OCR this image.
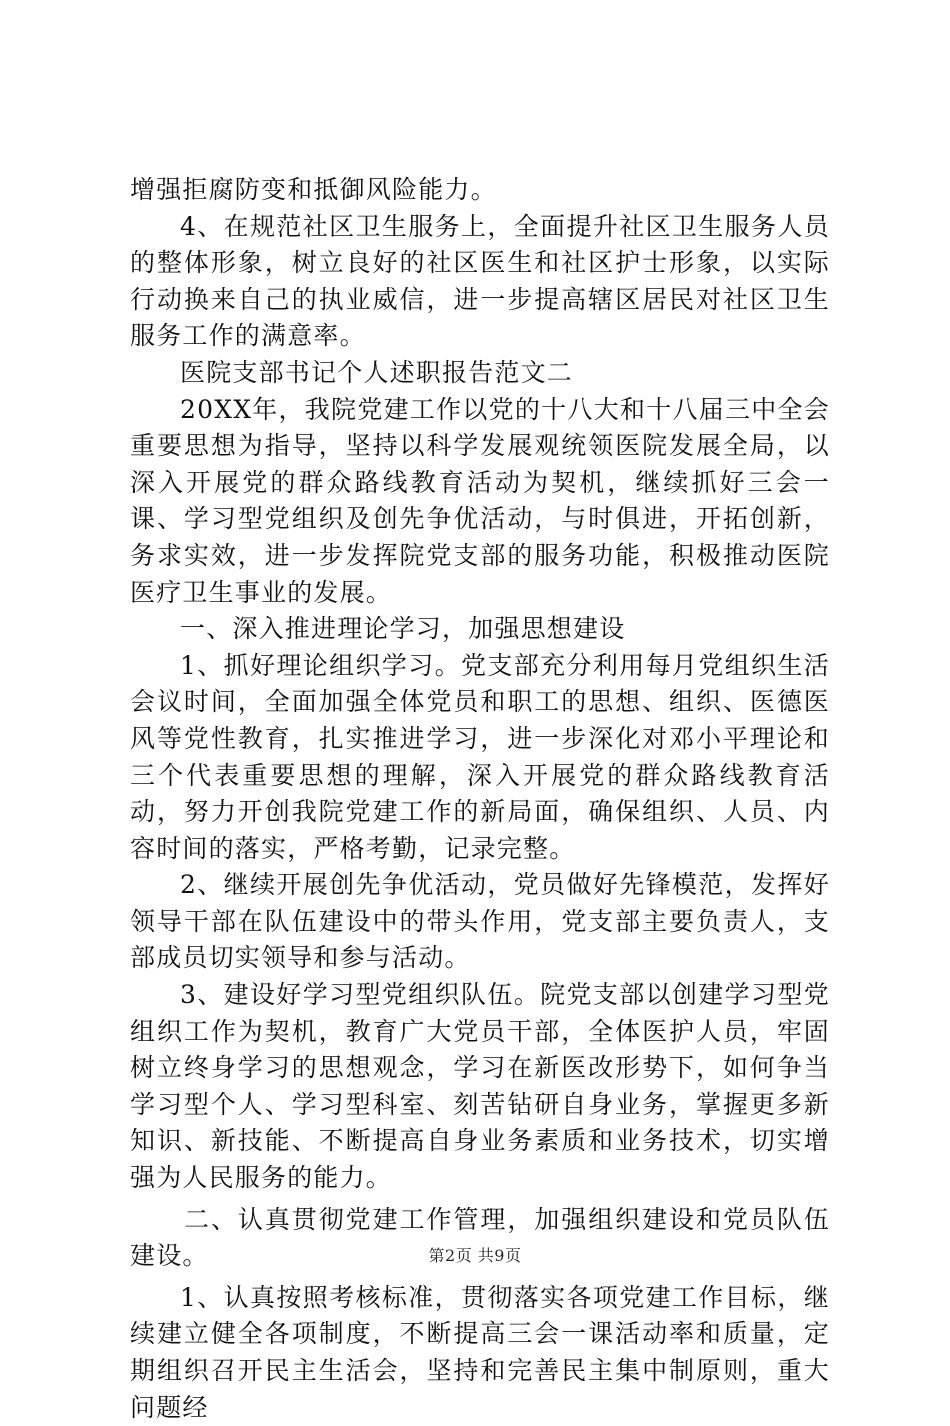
增强拒腐防变和抵御风险能力。

4、在规范社区卫生服务上，全面提升社区卫生服务人员的整体形象，树立良好的社区医生和社区护士形象，以实际行动换来自己的执业威信，进一步提高辖区居民对社区卫生服务工作的满意率。

医院支部书记个人述职报告范文二

20XX年，我院党建工作以党的十八大和十八届三中全会重要思想为指导，坚持以科学发展观统领医院发展全局，以深入开展党的群众路线教育活动为契机，继续抓好三会一课、学习型党组织及创先争优活动，与时俱进，开拓创新，务求实效，进一步发挥院党支部的服务功能，积极推动医院医疗卫生事业的发展。

一、深入推进理论学习，加强思想建设

1、抓好理论组织学习。党支部充分利用每月党组织生活会议时间，全面加强全体党员和职工的思想、组织、医德医风等党性教育，扎实推进学习，进一步深化对邓小平理论和三个代表重要思想的理解，深入开展党的群众路线教育活动，努力开创我院党建工作的新局面，确保组织、人员、内容时间的落实，严格考勤，记录完整。

2、继续开展创先争优活动，党员做好先锋模范，发挥好领导干部在队伍建设中的带头作用，党支部主要负责人，支部成员切实领导和参与活动。

3、建设好学习型党组织队伍。院党支部以创建学习型党组织工作为契机，教育广大党员干部，全体医护人员，牢固树立终身学习的思想观念，学习在新医改形势下，如何争当学习型个人、学习型科室、刻苦钻研自身业务，掌握更多新知识、新技能、不断提高自身业务素质和业务技术，切实增强为人民服务的能力。

二、认真贯彻党建工作管理，加强组织建设和党员队伍建设。

1、认真按照考核标准，贯彻落实各项党建工作目标，继续建立健全各项制度，不断提高三会一课活动率和质量，定期组织召开民主生活会，坚持和完善民主集中制原则，重大问题经

第2页 共9页
